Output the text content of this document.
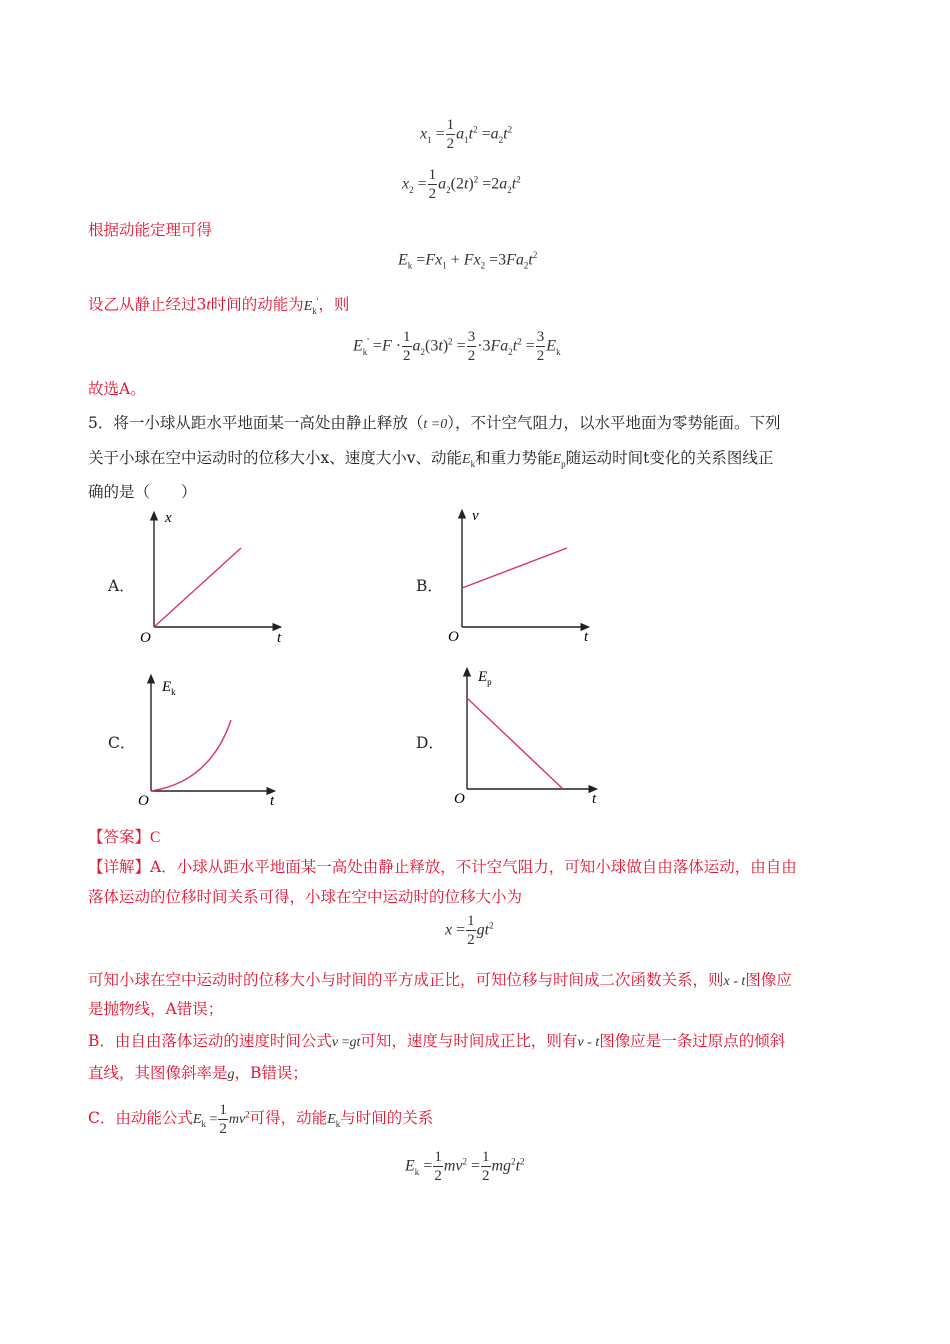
$x_1 = \frac{1}{2} a_1t^2 =a_2t^2$
$x_2 = \frac{1}{2} a_2(2t)^2 =2a_2t^2$
根据动能定理可得
$E_k =Fx_1 + Fx_2 =3Fa_2t^2$
设乙从静止经过3t时间的动能为$E_k'$，则
$E_k' =F \cdot \frac{1}{2} a_2(3t)^2 = \frac{3}{2} \cdot 3Fa_2t^2 = \frac{3}{2} E_k$
故选A。
5．将一小球从距水平地面某一高处由静止释放（t =0），不计空气阻力，以水平地面为零势能面。下列
关于小球在空中运动时的位移大小x、速度大小v、动能$E_k$和重力势能$E_p$随运动时间t变化的关系图线正
确的是（　　）
A．	B．
C．	D．
x
t
O
v
t
O
$E_k$
t
O
$E_p$
t
O
【答案】C
【详解】A．小球从距水平地面某一高处由静止释放，不计空气阻力，可知小球做自由落体运动，由自由
落体运动的位移时间关系可得，小球在空中运动时的位移大小为
$x = \frac{1}{2} gt^2$
可知小球在空中运动时的位移大小与时间的平方成正比，可知位移与时间成二次函数关系，则x - t图像应
是抛物线，A错误；
B．由自由落体运动的速度时间公式v =gt可知，速度与时间成正比，则有v - t图像应是一条过原点的倾斜
直线，其图像斜率是g，B错误；
C．由动能公式$E_k = \frac{1}{2} mv^2$可得，动能$E_k$与时间的关系
$E_k = \frac{1}{2} mv^2 = \frac{1}{2} mg^2t^2$
